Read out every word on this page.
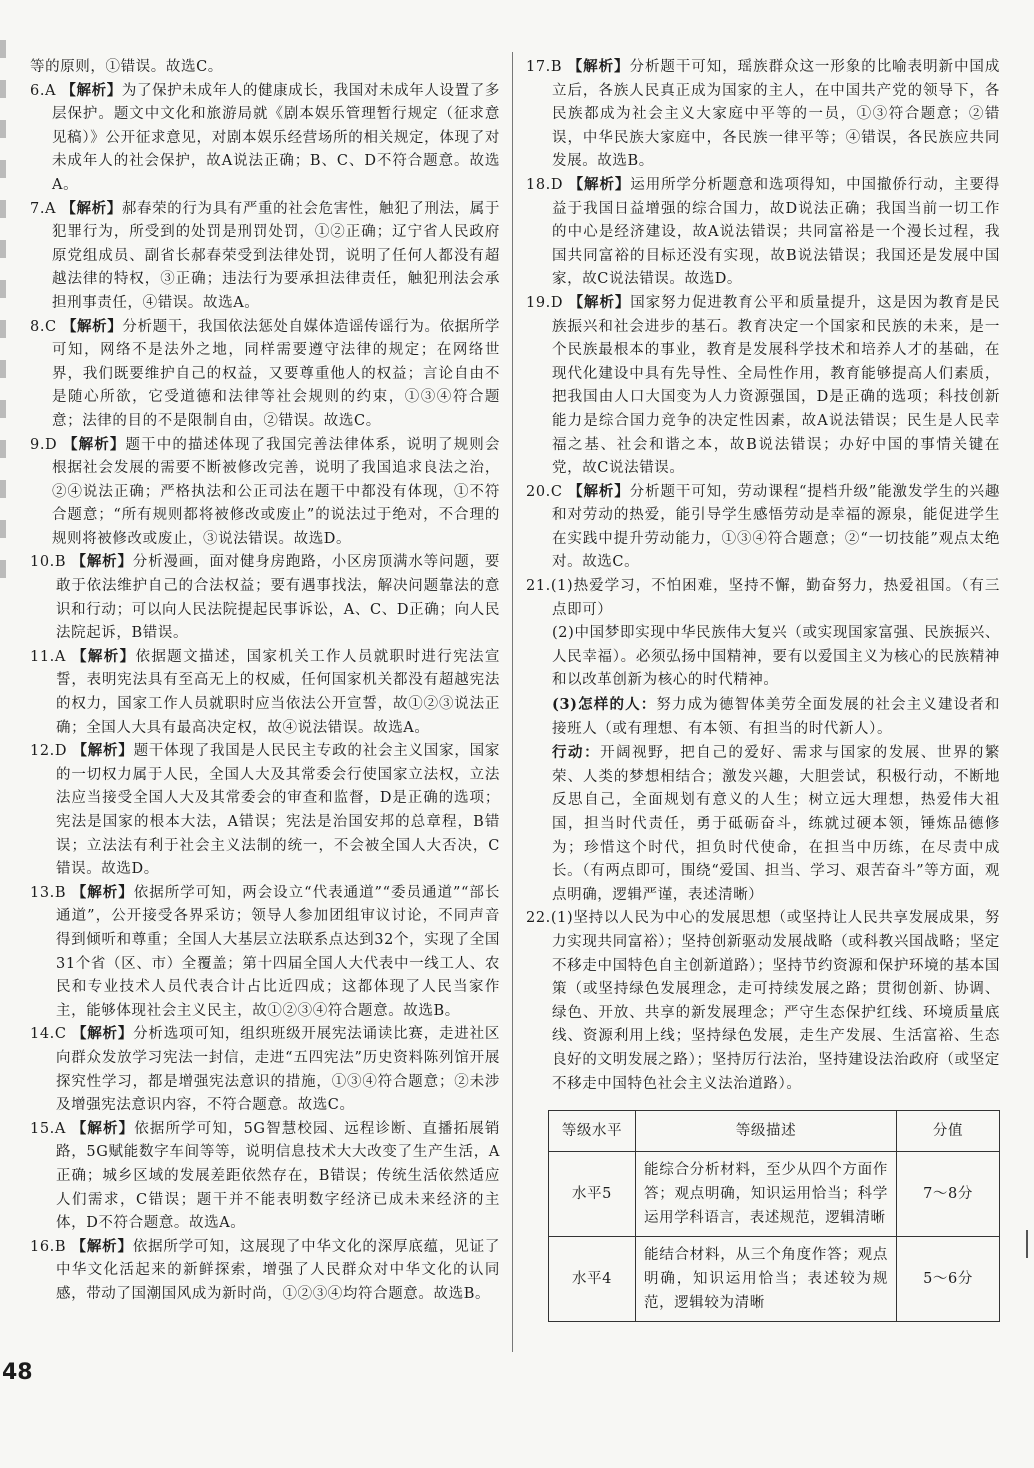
等的原则，①错误。故选C。
6.A 【解析】为了保护未成年人的健康成长，我国对未成年人设置了多层保护。题文中文化和旅游局就《剧本娱乐管理暂行规定（征求意见稿）》公开征求意见，对剧本娱乐经营场所的相关规定，体现了对未成年人的社会保护，故A说法正确；B、C、D不符合题意。故选A。
7.A 【解析】郝春荣的行为具有严重的社会危害性，触犯了刑法，属于犯罪行为，所受到的处罚是刑罚处罚，①②正确；辽宁省人民政府原党组成员、副省长郝春荣受到法律处罚，说明了任何人都没有超越法律的特权，③正确；违法行为要承担法律责任，触犯刑法会承担刑事责任，④错误。故选A。
8.C 【解析】分析题干，我国依法惩处自媒体造谣传谣行为。依据所学可知，网络不是法外之地，同样需要遵守法律的规定；在网络世界，我们既要维护自己的权益，又要尊重他人的权益；言论自由不是随心所欲，它受道德和法律等社会规则的约束，①③④符合题意；法律的目的不是限制自由，②错误。故选C。
9.D 【解析】题干中的描述体现了我国完善法律体系，说明了规则会根据社会发展的需要不断被修改完善，说明了我国追求良法之治，②④说法正确；严格执法和公正司法在题干中都没有体现，①不符合题意；“所有规则都将被修改或废止”的说法过于绝对，不合理的规则将被修改或废止，③说法错误。故选D。
10.B 【解析】分析漫画，面对健身房跑路，小区房顶满水等问题，要敢于依法维护自己的合法权益；要有遇事找法，解决问题靠法的意识和行动；可以向人民法院提起民事诉讼，A、C、D正确；向人民法院起诉，B错误。
11.A 【解析】依据题文描述，国家机关工作人员就职时进行宪法宣誓，表明宪法具有至高无上的权威，任何国家机关都没有超越宪法的权力，国家工作人员就职时应当依法公开宣誓，故①②③说法正确；全国人大具有最高决定权，故④说法错误。故选A。
12.D 【解析】题干体现了我国是人民民主专政的社会主义国家，国家的一切权力属于人民，全国人大及其常委会行使国家立法权，立法法应当接受全国人大及其常委会的审查和监督，D是正确的选项；宪法是国家的根本大法，A错误；宪法是治国安邦的总章程，B错误；立法法有利于社会主义法制的统一，不会被全国人大否决，C错误。故选D。
13.B 【解析】依据所学可知，两会设立“代表通道”“委员通道”“部长通道”，公开接受各界采访；领导人参加团组审议讨论，不同声音得到倾听和尊重；全国人大基层立法联系点达到32个，实现了全国31个省（区、市）全覆盖；第十四届全国人大代表中一线工人、农民和专业技术人员代表合计占比近四成；这都体现了人民当家作主，能够体现社会主义民主，故①②③④符合题意。故选B。
14.C 【解析】分析选项可知，组织班级开展宪法诵读比赛，走进社区向群众发放学习宪法一封信，走进“五四宪法”历史资料陈列馆开展探究性学习，都是增强宪法意识的措施，①③④符合题意；②未涉及增强宪法意识内容，不符合题意。故选C。
15.A 【解析】依据所学可知，5G智慧校园、远程诊断、直播拓展销路，5G赋能数字车间等等，说明信息技术大大改变了生产生活，A正确；城乡区域的发展差距依然存在，B错误；传统生活依然适应人们需求，C错误；题干并不能表明数字经济已成未来经济的主体，D不符合题意。故选A。
16.B 【解析】依据所学可知，这展现了中华文化的深厚底蕴，见证了中华文化活起来的新鲜探索，增强了人民群众对中华文化的认同感，带动了国潮国风成为新时尚，①②③④均符合题意。故选B。
17.B 【解析】分析题干可知，瑶族群众这一形象的比喻表明新中国成立后，各族人民真正成为国家的主人，在中国共产党的领导下，各民族都成为社会主义大家庭中平等的一员，①③符合题意；②错误，中华民族大家庭中，各民族一律平等；④错误，各民族应共同发展。故选B。
18.D 【解析】运用所学分析题意和选项得知，中国撤侨行动，主要得益于我国日益增强的综合国力，故D说法正确；我国当前一切工作的中心是经济建设，故A说法错误；共同富裕是一个漫长过程，我国共同富裕的目标还没有实现，故B说法错误；我国还是发展中国家，故C说法错误。故选D。
19.D 【解析】国家努力促进教育公平和质量提升，这是因为教育是民族振兴和社会进步的基石。教育决定一个国家和民族的未来，是一个民族最根本的事业，教育是发展科学技术和培养人才的基础，在现代化建设中具有先导性、全局性作用，教育能够提高人们素质，把我国由人口大国变为人力资源强国，D是正确的选项；科技创新能力是综合国力竞争的决定性因素，故A说法错误；民生是人民幸福之基、社会和谐之本，故B说法错误；办好中国的事情关键在党，故C说法错误。
20.C 【解析】分析题干可知，劳动课程“提档升级”能激发学生的兴趣和对劳动的热爱，能引导学生感悟劳动是幸福的源泉，能促进学生在实践中提升劳动能力，①③④符合题意；②“一切技能”观点太绝对。故选C。
21.(1)热爱学习，不怕困难，坚持不懈，勤奋努力，热爱祖国。（有三点即可）

(2)中国梦即实现中华民族伟大复兴（或实现国家富强、民族振兴、人民幸福）。必须弘扬中国精神，要有以爱国主义为核心的民族精神和以改革创新为核心的时代精神。

(3)怎样的人：努力成为德智体美劳全面发展的社会主义建设者和接班人（或有理想、有本领、有担当的时代新人）。

行动：开阔视野，把自己的爱好、需求与国家的发展、世界的繁荣、人类的梦想相结合；激发兴趣，大胆尝试，积极行动，不断地反思自己，全面规划有意义的人生；树立远大理想，热爱伟大祖国，担当时代责任，勇于砥砺奋斗，练就过硬本领，锤炼品德修为；珍惜这个时代，担负时代使命，在担当中历练，在尽责中成长。（有两点即可，围绕“爱国、担当、学习、艰苦奋斗”等方面，观点明确，逻辑严谨，表述清晰）

22.(1)坚持以人民为中心的发展思想（或坚持让人民共享发展成果，努力实现共同富裕）；坚持创新驱动发展战略（或科教兴国战略；坚定不移走中国特色自主创新道路）；坚持节约资源和保护环境的基本国策（或坚持绿色发展理念，走可持续发展之路；贯彻创新、协调、绿色、开放、共享的新发展理念；严守生态保护红线、环境质量底线、资源利用上线；坚持绿色发展，走生产发展、生活富裕、生态良好的文明发展之路）；坚持厉行法治，坚持建设法治政府（或坚定不移走中国特色社会主义法治道路）。
等级水平	等级描述	分值
水平5	能综合分析材料，至少从四个方面作答；观点明确，知识运用恰当；科学运用学科语言，表述规范，逻辑清晰	7～8分
水平4	能结合材料，从三个角度作答；观点明确，知识运用恰当；表述较为规范，逻辑较为清晰	5～6分
48
